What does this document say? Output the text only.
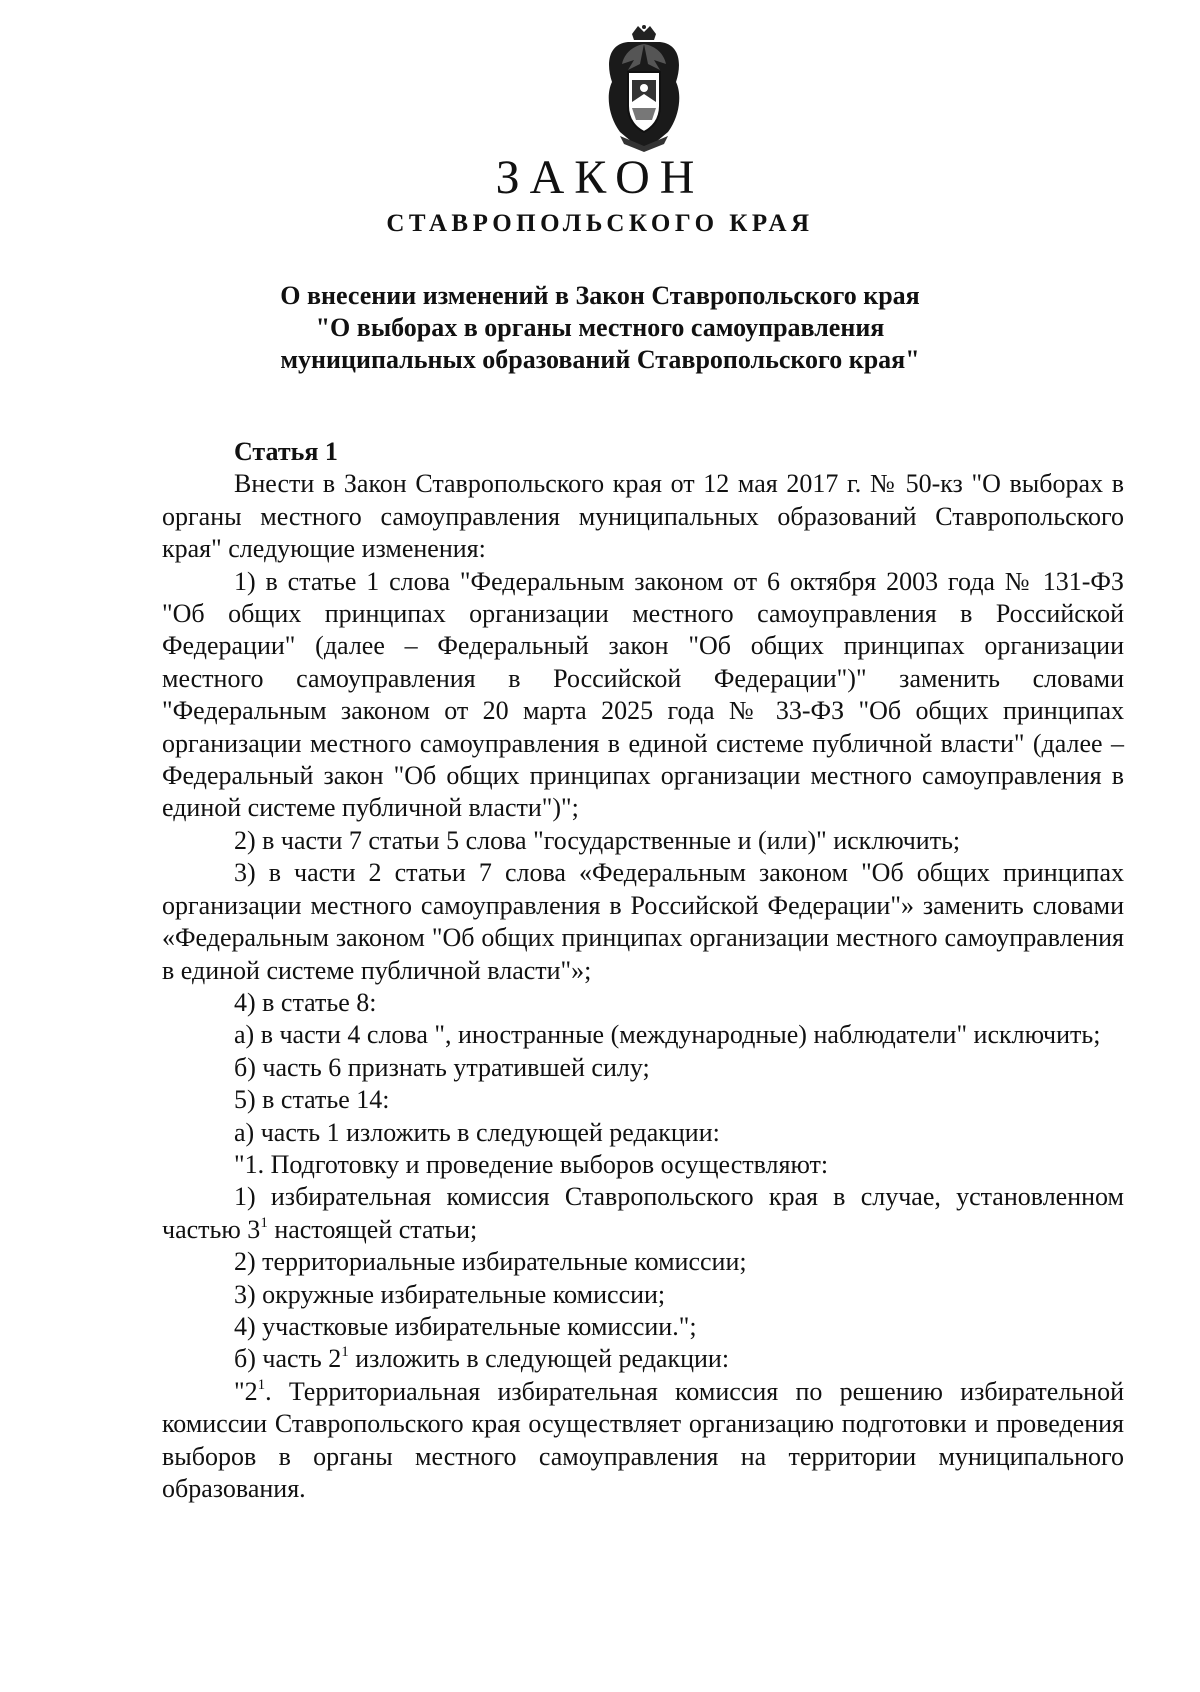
ЗАКОН
СТАВРОПОЛЬСКОГО КРАЯ
О внесении изменений в Закон Ставропольского края
"О выборах в органы местного самоуправления
муниципальных образований Ставропольского края"

Статья 1

Внести в Закон Ставропольского края от 12 мая 2017 г. № 50-кз "О выборах в органы местного самоуправления муниципальных образований Ставропольского края" следующие изменения:

1) в статье 1 слова "Федеральным законом от 6 октября 2003 года № 131-ФЗ "Об общих принципах организации местного самоуправления в Российской Федерации" (далее – Федеральный закон "Об общих принципах организации местного самоуправления в Российской Федерации")" заменить словами "Федеральным законом от 20 марта 2025 года № 33-ФЗ "Об общих принципах организации местного самоуправления в единой системе публичной власти" (далее – Федеральный закон "Об общих принципах организации местного самоуправления в единой системе публичной власти")";

2) в части 7 статьи 5 слова "государственные и (или)" исключить;

3) в части 2 статьи 7 слова «Федеральным законом "Об общих принципах организации местного самоуправления в Российской Федерации"» заменить словами «Федеральным законом "Об общих принципах организации местного самоуправления в единой системе публичной власти"»;

4) в статье 8:

а) в части 4 слова ", иностранные (международные) наблюдатели" исключить;

б) часть 6 признать утратившей силу;

5) в статье 14:

а) часть 1 изложить в следующей редакции:

"1. Подготовку и проведение выборов осуществляют:

1) избирательная комиссия Ставропольского края в случае, установленном частью $3^1$ настоящей статьи;

2) территориальные избирательные комиссии;

3) окружные избирательные комиссии;

4) участковые избирательные комиссии.";

б) часть $2^1$ изложить в следующей редакции:

"$2^1$. Территориальная избирательная комиссия по решению избирательной комиссии Ставропольского края осуществляет организацию подготовки и проведения выборов в органы местного самоуправления на территории муниципального образования.
